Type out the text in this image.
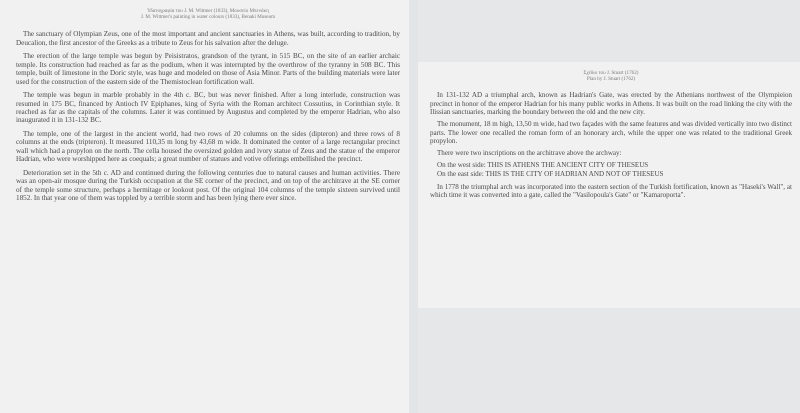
Υδατογραφία του J. M. Wittmer (1833), Μουσείο Μπενάκη

J. M. Wittmer's painting in water colours (1833), Benaki Museum

The sanctuary of Olympian Zeus, one of the most important and ancient sanctuaries in Athens, was built, according to tradition, by Deucalion, the first ancestor of the Greeks as a tribute to Zeus for his salvation after the deluge.

The erection of the large temple was begun by Peisistratos, grandson of the tyrant, in 515 BC, on the site of an earlier archaic temple. Its construction had reached as far as the podium, when it was interrupted by the overthrow of the tyranny in 508 BC. This temple, built of limestone in the Doric style, was huge and modeled on those of Asia Minor. Parts of the building materials were later used for the construction of the eastern side of the Themistoclean fortification wall.

The temple was begun in marble probably in the 4th c. BC, but was never finished. After a long interlude, construction was resumed in 175 BC, financed by Antioch IV Epiphanes, king of Syria with the Roman architect Cossutius, in Corinthian style. It reached as far as the capitals of the columns. Later it was continued by Augustus and completed by the emperor Hadrian, who also inaugurated it in 131-132 BC.

The temple, one of the largest in the ancient world, had two rows of 20 columns on the sides (dipteron) and three rows of 8 columns at the ends (tripteron). It measured 110,35 m long by 43,68 m wide. It dominated the center of a large rectangular precinct wall which had a propylon on the north. The cella housed the oversized golden and ivory statue of Zeus and the statue of the emperor Hadrian, who were worshipped here as coequals; a great number of statues and votive offerings embellished the precinct.

Deterioration set in the 5th c. AD and continued during the following centuries due to natural causes and human activities. There was an open-air mosque during the Turkish occupation at the SE corner of the precinct, and on top of the architrave at the SE corner of the temple some structure, perhaps a hermitage or lookout post. Of the original 104 columns of the temple sixteen survived until 1852. In that year one of them was toppled by a terrible storm and has been lying there ever since.

Σχέδιο του J. Stuart (1762)

Plan by J. Stuart (1762)

In 131-132 AD a triumphal arch, known as Hadrian's Gate, was erected by the Athenians northwest of the Olympieion precinct in honor of the emperor Hadrian for his many public works in Athens. It was built on the road linking the city with the Ilissian sanctuaries, marking the boundary between the old and the new city.

The monument, 18 m high, 13,50 m wide, had two façades with the same features and was divided vertically into two distinct parts. The lower one recalled the roman form of an honorary arch, while the upper one was related to the traditional Greek propylon.

There were two inscriptions on the architrave above the archway:

On the west side: THIS IS ATHENS THE ANCIENT CITY OF THESEUS

On the east side: THIS IS THE CITY OF HADRIAN AND NOT OF THESEUS

In 1778 the triumphal arch was incorporated into the eastern section of the Turkish fortification, known as "Haseki's Wall", at which time it was converted into a gate, called the "Vasilopoula's Gate" or "Kamaroporta".
